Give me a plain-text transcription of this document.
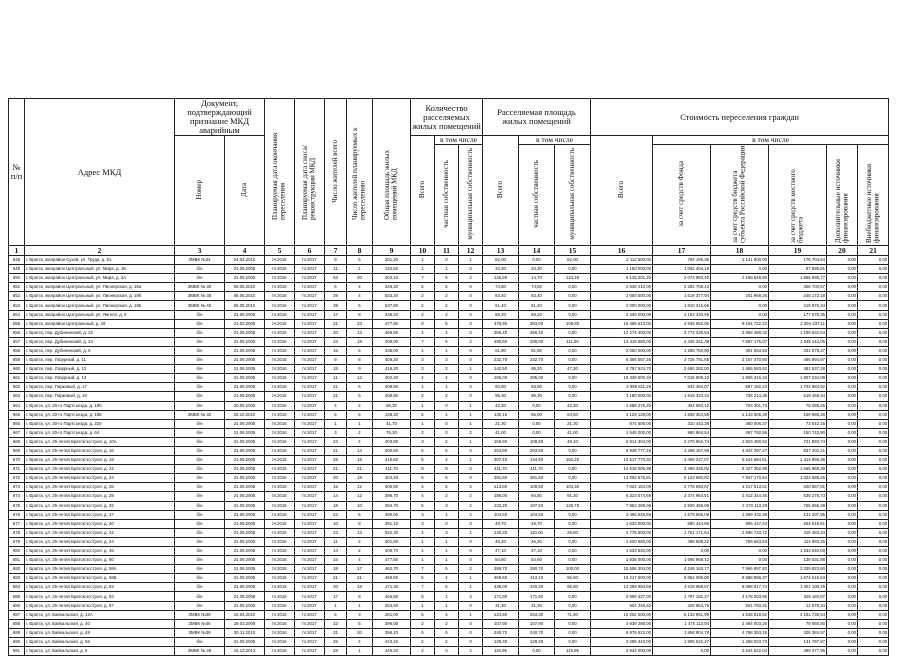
№ п/п	Адрес МКД	Документ, подтверждающий признание МКД аварийным		Планируемая дата окончания переселения	Планируемая дата сноса/реконструкции МКД	Число жителей всего	Число жителей планируемых к переселению	Общая площадь жилых помещений МКД	Количество расселяемых жилых помещений			Расселяемая площадь жилых помещений			Стоимость переселения граждан					
		Номер	Дата						Всего	в том числе		Всего	в том числе		Всего	в том числе				
										частная собственность	муниципальная собственность		частная собственность	муниципальная собственность		за счет средств Фонда	за счет средств бюджета субъекта Российской Федерации	за счет средств местного бюджета	Дополнительные источники финансирования	Внебюджетные источники финансирования
1	2	3	4	5	6	7	8	9	10	11	12	13	14	15	16	17	18	19	20	21
648	г. Братск, жилрайон Сухой, ул. Труда, д. 51	ЗМВК №34	04.04.2010	IV.2016	IV.2017	9	5	201,20	1	0	1	62,00	0,00	62,00	2 112 500,00	794 195,36	1 141 800,00	176 704,64	0,00	0,00
649	г. Братск, жилрайон Центральный, ул. Мира, д. 1Б	б/н	21.09.2005	IV.2016	IV.2017	11	1	134,60	1	1	0	34,30	34,30	0,00	1 150 000,00	1 062 404,19	0,00	87 595,81	0,00	0,00
650	г. Братск, жилрайон Центральный, ул. Мира, д. 3А	б/н	21.09.2005	IV.2016	IV.2017	53	20	403,10	7	5	2	146,90	14,70	124,20	6 125 201,20	2 073 993,40	2 189 848,80	1 866 695,77	0,00	0,00
651	г. Братск, жилрайон Центральный, ул. Пионерская, д. 19а	ЗМВК № 30	06.05.2010	IV.2016	IV.2017	6	4	348,30	2	2	0	74,60	74,60	0,00	2 648 410,00	2 291 708,43	0,00	356 700,57	0,00	0,00
652	г. Братск, жилрайон Центральный, ул. Пионерская, д. 19б	ЗМВК № 38	06.05.2010	IV.2016	IV.2017	39	4	533,20	2	2	0	83,40	83,40	0,00	2 059 500,00	1 619 377,94	201 969,26	248 172,18	0,00	0,00
653	г. Братск, жилрайон Центральный, ул. Пионерская, д. 19в	ЗМВК № 40	06.05.2010	IV.2016	IV.2017	39	5	537,90	2	2	0	61,40	61,40	0,00	2 000 000,00	1 810 316,66	0,00	219 976,34	0,00	0,00
654	г. Братск, жилрайон Центральный, ул. Янгеля, д. 6	б/н	21.09.2005	IV.2016	IV.2017	17	8	336,20	2	2	0	68,20	68,20	0,00	2 330 000,00	2 152 320,65	0,00	177 679,35	0,00	0,00
655	г. Братск, жилрайон Центральный, д. 18	б/н	21.02.2005	IV.2016	IV.2017	21	23	477,90	8	5	3	475,90	383,00	108,80	16 485 613,00	4 936 652,06	9 154 722,22	2 394 237,11	0,00	0,00
656	г. Братск, пер. Дубининский, д. 22	б/н	21.09.2005	IV.2016	IV.2017	20	14	468,90	4	4	0	356,40	356,40	0,00	12 274 400,00	3 774 335,53	3 958 488,32	1 199 632,54	0,00	0,00
657	г. Братск, пер. Дубининский, д. 24	б/н	21.09.2005	IV.2016	IV.2017	24	18	408,00	7	5	2	490,60	289,00	111,60	13 419 580,00	4 345 261,38	7 687 175,07	1 345 144,05	0,00	0,00
658	г. Братск, пер. Дубининский, д. 6	б/н	21.09.2005	IV.2016	IV.2017	16	5	436,00	1	1	0	61,80	61,80	0,00	2 050 000,00	1 266 750,90	491 653,83	331 579,27	0,00	0,00
659	г. Братск, пер. Лазурный, д. 11	б/н	21.09.2005	IV.2015	IV.2017	9	8	406,20	3	3	0	232,70	232,70	0,00	6 356 557,26	2 725 791,65	3 167 470,80	466 994,97	0,00	0,00
660	г. Братск, пер. Лазурный, д. 12	б/н	21.09.2005	IV.2016	IV.2017	15	9	416,20	3	2	1	142,50	95,20	47,20	4 757 524,70	2 660 282,00	1 655 583,62	481 537,28	0,00	0,00
661	г. Братск, пер. Лазурный, д. 13	б/н	21.09.2005	IV.2015	IV.2017	11	12	402,40	4	4	0	295,00	295,00	0,00	10 339 500,34	7 015 908,10	1 906 316,34	1 807 234,08	0,00	0,00
662	г. Братск, пер. Парковый, д. 17	б/н	21.09.2005	IV.2016	IV.2017	21	6	408,90	1	1	0	93,80	93,80	0,00	2 999 611,25	532 484,07	697 182,23	1 704 984,92	0,00	0,00
663	г. Братск, пер. Парковый, д. 19	б/н	21.09.2005	IV.2016	IV.2017	21	6	408,90	2	2	0	95,30	95,30	0,00	3 180 000,00	1 919 323,33	738 214,35	519 469,34	0,00	0,00
664	г. Братск, ул. 20-го Партсъезда, д. 180	б/н	20.09.2005	IV.2016	IV.2017	4	2	86,30	1	0	1	42,30	0,00	42,30	1 588 275,20	404 693,12	703 301,73	79 085,25	0,00	0,00
665	г. Братск, ул. 20-го Партсъезда, д. 188	ЗМВК № 32	25.10.2010	IV.2016	IV.2017	5	5	138,30	2	1	1	130,10	65,00	64,50	4 129 129,00	1 838 354,55	2 143 606,39	159 966,26	0,00	0,00
666	г. Братск, ул. 20-го Партсъезда, д. 220	б/н	21.09.2005	IV.2016	IV.2017	1	1	41,70	1	0	1	21,30	0,00	21,30	874 606,00	310 443,38	460 006,37	73 642,15	0,00	0,00
667	г. Братск, ул. 20-го Партсъезда, д. 64	б/н	21.09.2005	IV.2016	IV.2017	3	2	76,30	2	0	2	41,00	0,00	41,00	1 548 000,00	960 864,54	467 792,56	150 742,90	0,00	0,00
668	г. Братск, ул. 25-летия Братскгэсстроя, д. 10А	б/н	21.09.2005	IV.2016	IV.2017	23	4	403,80	3	2	1	156,90	108,80	48,10	5 914 304,00	2 270 962,74	2 823 480,52	721 893,74	0,00	0,00
669	г. Братск, ул. 25-летия Братскгэсстроя, д. 16	б/н	21.09.2005	IV.2016	IV.2017	21	14	400,60	5	5	0	263,80	263,80	0,00	8 948 777,45	3 268 167,98	4 844 397,27	837 202,21	0,00	0,00
670	г. Братск, ул. 25-летия Братскгэсстроя, д. 19	б/н	21.09.2005	IV.2015	IV.2017	25	15	416,60	5	4	1	307,10	144,90	162,20	10 517 770,32	3 458 247,07	5 644 664,51	1 414 858,39	0,00	0,00
671	г. Братск, ул. 25-летия Братскгэсстроя, д. 22	б/н	21.09.2005	IV.2015	IV.2017	21	21	411,70	8	8	0	411,70	411,70	0,00	14 618 006,98	4 499 346,82	8 427 352,98	1 665 968,38	0,00	0,00
672	г. Братск, ул. 25-летия Братскгэсстроя, д. 24	б/н	21.09.2005	IV.2016	IV.2017	20	18	404,40	6	6	0	381,60	381,60	0,00	14 094 576,81	5 122 680,82	7 947 170,64	1 024 585,25	0,00	0,00
673	г. Братск, ул. 25-летия Братскгэсстроя, д. 26	б/н	21.09.2005	IV.2016	IV.2017	15	12	400,90	4	2	2	213,80	109,50	104,30	7 024 154,09	2 775 683,87	4 217 513,61	620 957,81	0,00	0,00
674	г. Братск, ул. 25-летия Братскгэсстроя, д. 28	б/н	21.09.2005	IV.2015	IV.2017	14	12	396,70	4	2	2	186,00	94,80	91,20	6 323 574,69	2 374 954,51	3 412 344,45	536 275,73	0,00	0,00
675	г. Братск, ул. 25-летия Братскгэсстроя, д. 32	б/н	21.09.2005	IV.2015	IV.2017	18	10	394,70	5	3	2	233,20	107,50	125,70	7 962 289,06	2 920 459,99	4 270 113,29	765 666,38	0,00	0,00
676	г. Братск, ул. 25-летия Братскгэсстроя, д. 37	б/н	21.09.2005	IV.2016	IV.2017	22	5	490,00	3	1	2	104,50	104,50	0,00	3 466 545,56	1 579 566,09	1 669 332,36	131 207,95	0,00	0,00
677	г. Братск, ул. 25-летия Братскгэсстроя, д. 40	б/н	21.09.2005	IV.2016	IV.2017	10	8	391,10	3	0	3	49,70	49,70	0,00	1 633 000,00	580 444,66	895 417,24	264 618,51	0,00	0,00
678	г. Братск, ул. 25-летия Братскгэсстроя, д. 42	б/н	21.09.2005	IV.2016	IV.2017	23	14	522,30	4	3	1	140,20	110,00	29,60	4 775 500,00	1 761 171,64	2 595 733,72	419 383,34	0,00	0,00
679	г. Братск, ул. 25-летия Братскгэсстроя, д. 44	б/н	21.09.2005	IV.2016	IV.2017	11	2	401,80	1	1	0	46,20	46,20	0,00	1 520 660,00	488 698,22	759 663,53	114 993,25	0,00	0,00
680	г. Братск, ул. 25-летия Братскгэсстроя, д. 46	б/н	21.09.2005	IV.2016	IV.2017	14	2	409,70	1	1	0	47,10	47,10	0,00	1 633 540,00	0,00	0,00	1 633 540,00	0,00	0,00
681	г. Братск, ул. 25-летия Братскгэсстроя, д. 50	б/н	21.09.2005	IV.2016	IV.2017	24	4	477,60	1	1	0	54,60	54,60	0,00	1 835 000,00	1 695 968,12	0,00	139 031,88	0,00	0,00
682	г. Братск, ул. 25-летия Братскгэсстроя, д. 58А	б/н	21.09.2005	IV.2015	IV.2017	18	17	462,70	7	5	2	389,70	290,70	100,00	15 556 304,00	4 249 163,77	7 966 897,83	3 339 823,60	0,00	0,00
683	г. Братск, ул. 25-летия Братскгэсстроя, д. 58Б	б/н	21.09.2005	IV.2015	IV.2017	21	21	469,60	5	4	1	469,60	413,10	56,50	16 217 500,00	5 954 086,00	8 588 888,37	1 674 515,63	0,00	0,00
684	г. Братск, ул. 25-летия Братскгэсстроя, д. 83	б/н	21.09.2005	IV.2015	IV.2017	20	18	471,30	7	6	1	436,00	340,20	95,80	14 099 994,69	4 619 968,67	8 068 917,74	1 401 108,28	0,00	0,00
685	г. Братск, ул. 25-летия Братскгэсстроя, д. 93	б/н	21.08.2008	IV.2016	IV.2017	17	8	466,50	5	1	4	171,90	171,90	0,00	5 999 327,00	1 797 162,27	4 178 003,86	328 160,87	0,00	0,00
686	г. Братск, ул. 25-летия Братскгэсстроя, д. 97	б/н	21.09.2005	IV.2016	IV.2017	1	1	284,50	1	1	0	31,30	31,30	0,00	904 349,40	429 964,75	501 793,31	12 678,34	0,00	0,00
687	г. Братск, ул. Байкальская, д. 12А	ЗМВК №39	15.04.2010	IV.2015	IV.2017	5	3	281,00	5	4	1	224,80	253,30	71,50	10 062 500,00	5 133 961,99	4 646 618,62	3 181 739,54	0,00	0,00
688	г. Братск, ул. Байкальская, д. 40	ЗМВК №46	29.03.2009	IV.2016	IV.2017	23	5	396,00	2	2	0	107,90	107,90	0,00	3 939 288,00	1 475 113,94	2 484 003,26	79 060,80	0,00	0,00
689	г. Братск, ул. Байкальская, д. 48	ЗМВК №39	30.11.2010	IV.2016	IV.2017	31	20	396,10	5	5	0	240,70	240,70	0,00	6 979 522,00	1 858 804,78	4 798 353,15	326 384,97	0,00	0,00
690	г. Братск, ул. Байкальская, д. 56	б/н	21.09.2005	IV.2016	IV.2017	26	4	443,10	2	2	0	129,30	129,30	0,00	3 296 443,00	1 906 622,47	1 258 023,73	131 797,87	0,00	0,00
691	г. Братск, ул. Байкальская, д. 6	ЗМВК № 49	15.12.2013	IV.2016	IV.2017	28	1	445,20	2	0	2	115,95	0,00	115,95	3 944 000,00	0,00	3 544 522,04	399 477,96	0,00	0,00
